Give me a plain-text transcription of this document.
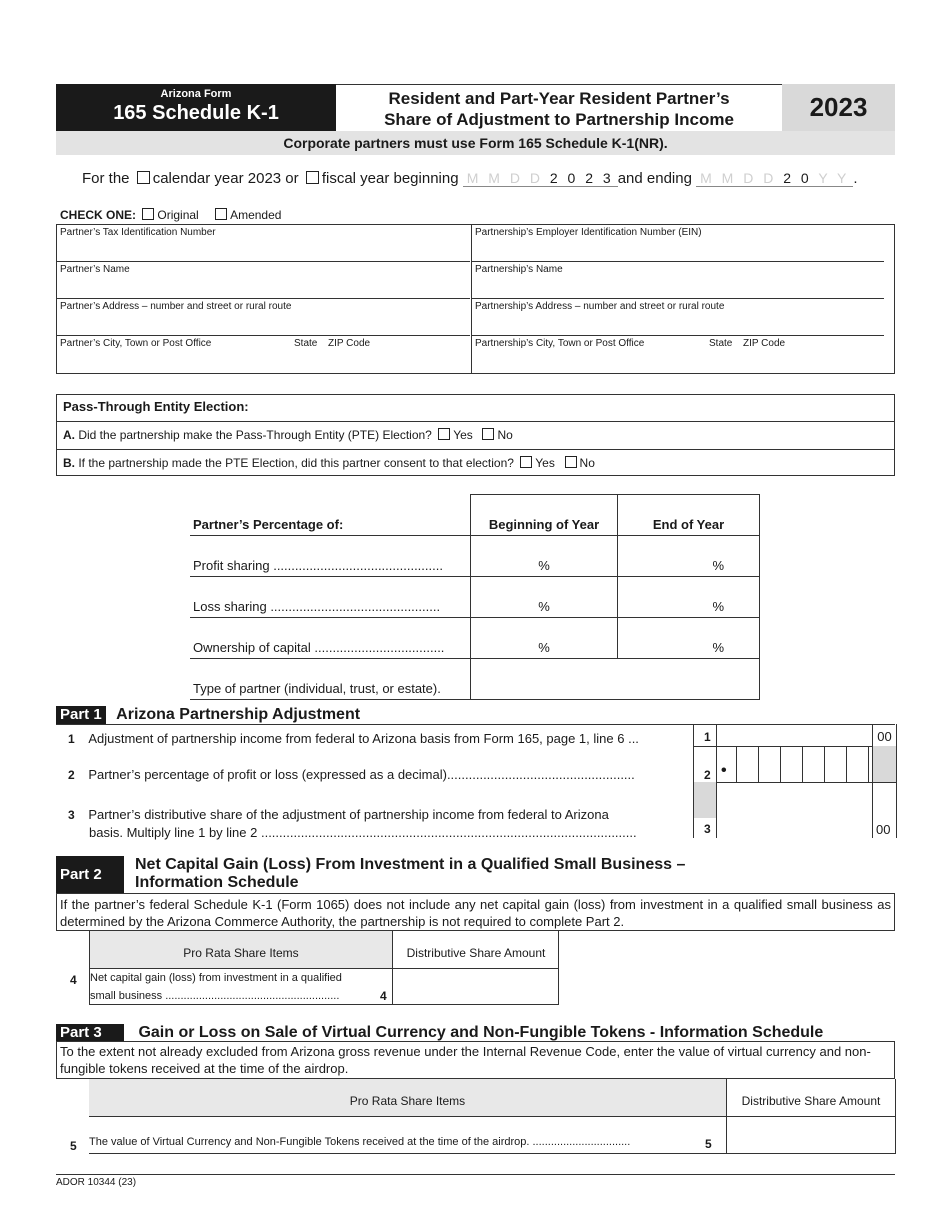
Arizona Form
165 Schedule K-1
Resident and Part-Year Resident Partner’s
Share of Adjustment to Partnership Income	2023
Corporate partners must use Form 165 Schedule K-1(NR).
For the calendar year 2023 or fiscal year beginning M M D D 2 0 2 3 and ending M M D D 2 0 Y Y .
CHECK ONE: Original	Amended
Partner’s Tax Identification Number	Partnership’s Employer Identification Number (EIN)
Partner’s Name	Partnership’s Name
Partner’s Address – number and street or rural route	Partnership’s Address – number and street or rural route
Partner’s City, Town or Post Office	State ZIP Code	Partnership’s City, Town or Post Office	State ZIP Code
Pass-Through Entity Election:
A. Did the partnership make the Pass-Through Entity (PTE) Election? Yes No
B. If the partnership made the PTE Election, did this partner consent to that election? Yes No
Partner’s Percentage of:	Beginning of Year	End of Year
Profit sharing ...............................................	%	%
Loss sharing ...............................................	%	%
Ownership of capital ....................................	%	%
Type of partner (individual, trust, or estate).		
Part 1 Arizona Partnership Adjustment
1 Adjustment of partnership income from federal to Arizona basis from Form 165, page 1, line 6 ...
2 Partner’s percentage of profit or loss (expressed as a decimal)....................................................
3 Partner’s distributive share of the adjustment of partnership income from federal to Arizona
basis. Multiply line 1 by line 2 ........................................................................................................
1	00
2 •
3	00
Part 2
Net Capital Gain (Loss) From Investment in a Qualified Small Business –
Information Schedule
If the partner’s federal Schedule K-1 (Form 1065) does not include any net capital gain (loss) from investment in a qualified small business as determined by the Arizona Commerce Authority, the partnership is not required to complete Part 2.
Pro Rata Share Items	Distributive Share Amount
Net capital gain (loss) from investment in a qualified
small business .........................................................	4
4
Part 3 Gain or Loss on Sale of Virtual Currency and Non-Fungible Tokens - Information Schedule
To the extent not already excluded from Arizona gross revenue under the Internal Revenue Code, enter the value of virtual currency and non-fungible tokens received at the time of the airdrop.
Pro Rata Share Items	Distributive Share Amount
The value of Virtual Currency and Non-Fungible Tokens received at the time of the airdrop. ................................	5
5
ADOR 10344 (23)
